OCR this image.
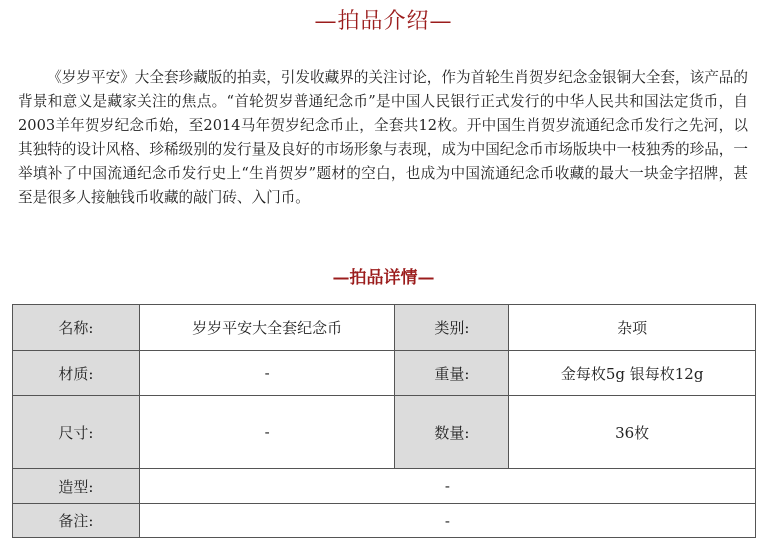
—拍品介绍—

《岁岁平安》大全套珍藏版的拍卖，引发收藏界的关注讨论，作为首轮生肖贺岁纪念金银铜大全套，该产品的背景和意义是藏家关注的焦点。“首轮贺岁普通纪念币”是中国人民银行正式发行的中华人民共和国法定货币，自2003羊年贺岁纪念币始，至2014马年贺岁纪念币止，全套共12枚。开中国生肖贺岁流通纪念币发行之先河，以其独特的设计风格、珍稀级别的发行量及良好的市场形象与表现，成为中国纪念币市场版块中一枝独秀的珍品，一举填补了中国流通纪念币发行史上“生肖贺岁”题材的空白，也成为中国流通纪念币收藏的最大一块金字招牌，甚至是很多人接触钱币收藏的敲门砖、入门币。

—拍品详情—
名称:	岁岁平安大全套纪念币	类别:	杂项
材质:	-	重量:	金每枚5g 银每枚12g
尺寸:	-	数量:	36枚
造型:	-		
备注:	-		
